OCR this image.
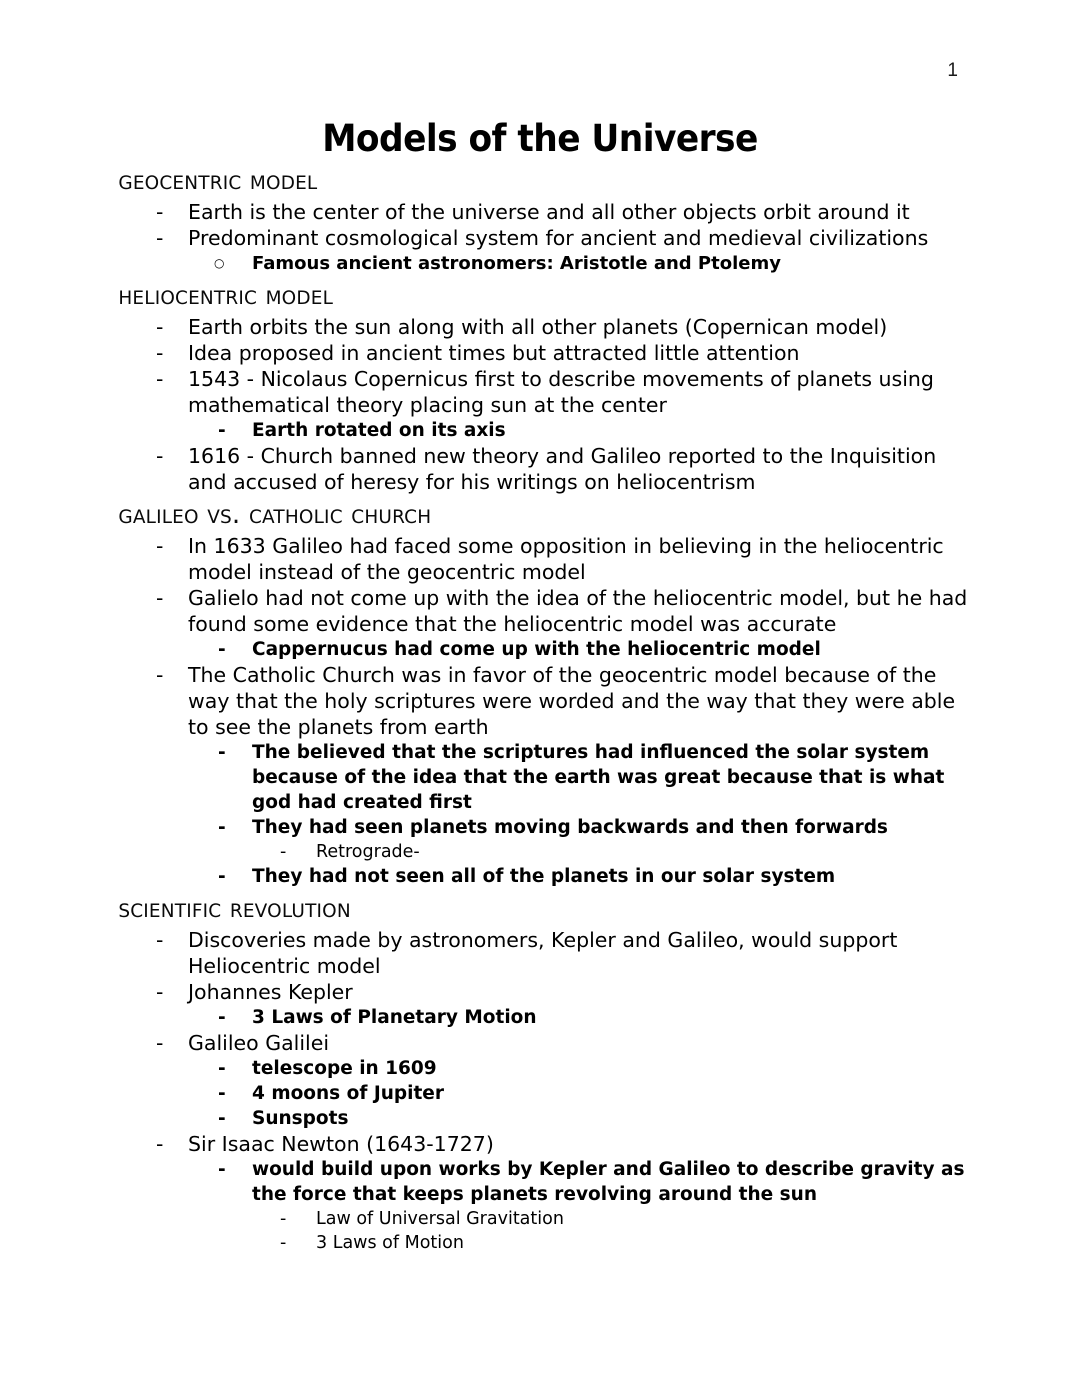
1
Models of the Universe
geocentric model
-	Earth is the center of the universe and all other objects orbit around it
-	Predominant cosmological system for ancient and medieval civilizations
○	Famous ancient astronomers: Aristotle and Ptolemy
heliocentric model
-	Earth orbits the sun along with all other planets (Copernican model)
-	Idea proposed in ancient times but attracted little attention
-	1543 - Nicolaus Copernicus first to describe movements of planets using mathematical theory placing sun at the center
-	Earth rotated on its axis
-	1616 - Church banned new theory and Galileo reported to the Inquisition and accused of heresy for his writings on heliocentrism
galileo vs. catholic church
-	In 1633 Galileo had faced some opposition in believing in the heliocentric model instead of the geocentric model
-	Galielo had not come up with the idea of the heliocentric model, but he had found some evidence that the heliocentric model was accurate
-	Cappernucus had come up with the heliocentric model
-	The Catholic Church was in favor of the geocentric model because of the way that the holy scriptures were worded and the way that they were able to see the planets from earth
-	The believed that the scriptures had influenced the solar system because of the idea that the earth was great because that is what god had created first
-	They had seen planets moving backwards and then forwards
-	Retrograde-
-	They had not seen all of the planets in our solar system
scientific revolution
-	Discoveries made by astronomers, Kepler and Galileo, would support Heliocentric model
-	Johannes Kepler
-	3 Laws of Planetary Motion
-	Galileo Galilei
-	telescope in 1609
-	4 moons of Jupiter
-	Sunspots
-	Sir Isaac Newton (1643-1727)
-	would build upon works by Kepler and Galileo to describe gravity as the force that keeps planets revolving around the sun
-	Law of Universal Gravitation
-	3 Laws of Motion
